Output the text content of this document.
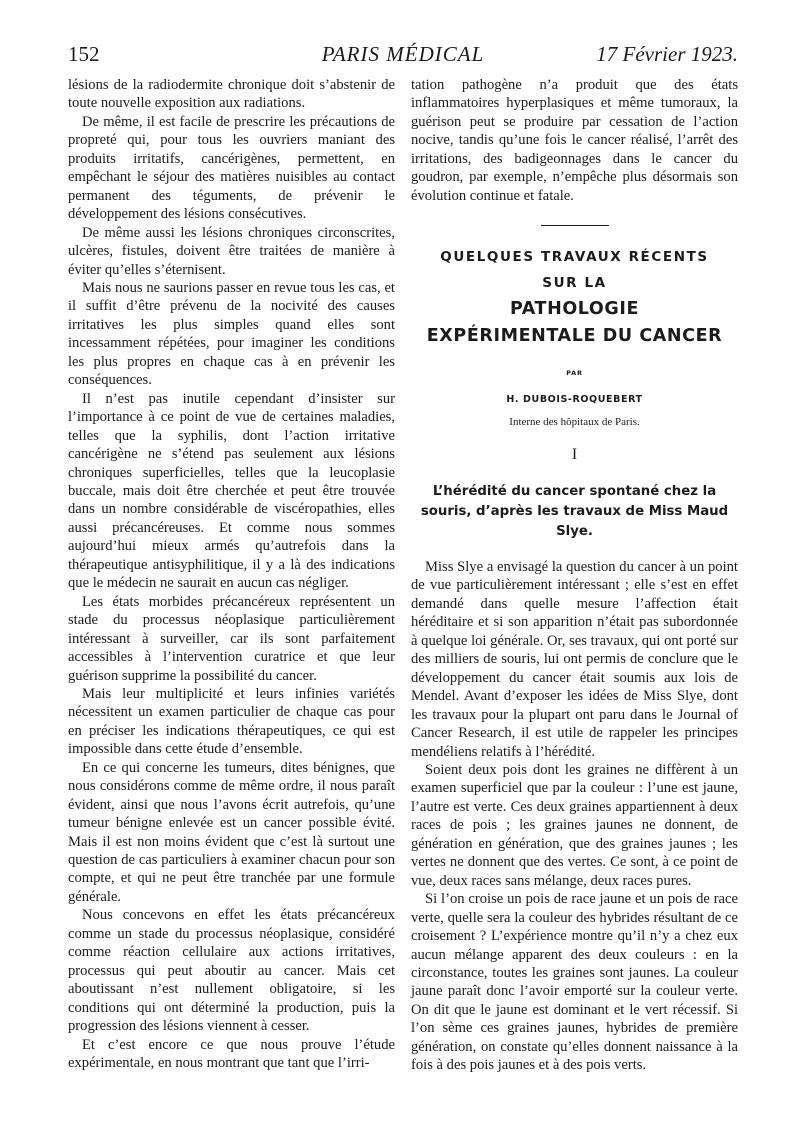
152	PARIS MÉDICAL	17 Février 1923.

lésions de la radiodermite chronique doit s’abstenir de toute nouvelle exposition aux radiations.

De même, il est facile de prescrire les précautions de propreté qui, pour tous les ouvriers maniant des produits irritatifs, cancérigènes, permettent, en empêchant le séjour des matières nuisibles au contact permanent des téguments, de prévenir le développement des lésions consécutives.

De même aussi les lésions chroniques circonscrites, ulcères, fistules, doivent être traitées de manière à éviter qu’elles s’éternisent.

Mais nous ne saurions passer en revue tous les cas, et il suffit d’être prévenu de la nocivité des causes irritatives les plus simples quand elles sont incessamment répétées, pour imaginer les conditions les plus propres en chaque cas à en prévenir les conséquences.

Il n’est pas inutile cependant d’insister sur l’importance à ce point de vue de certaines maladies, telles que la syphilis, dont l’action irritative cancérigène ne s’étend pas seulement aux lésions chroniques superficielles, telles que la leucoplasie buccale, mais doit être cherchée et peut être trouvée dans un nombre considérable de viscéropathies, elles aussi précancéreuses. Et comme nous sommes aujourd’hui mieux armés qu’autrefois dans la thérapeutique antisyphilitique, il y a là des indications que le médecin ne saurait en aucun cas négliger.

Les états morbides précancéreux représentent un stade du processus néoplasique particulièrement intéressant à surveiller, car ils sont parfaitement accessibles à l’intervention curatrice et que leur guérison supprime la possibilité du cancer.

Mais leur multiplicité et leurs infinies variétés nécessitent un examen particulier de chaque cas pour en préciser les indications thérapeutiques, ce qui est impossible dans cette étude d’ensemble.

En ce qui concerne les tumeurs, dites bénignes, que nous considérons comme de même ordre, il nous paraît évident, ainsi que nous l’avons écrit autrefois, qu’une tumeur bénigne enlevée est un cancer possible évité. Mais il est non moins évident que c’est là surtout une question de cas particuliers à examiner chacun pour son compte, et qui ne peut être tranchée par une formule générale.

Nous concevons en effet les états précancéreux comme un stade du processus néoplasique, considéré comme réaction cellulaire aux actions irritatives, processus qui peut aboutir au cancer. Mais cet aboutissant n’est nullement obligatoire, si les conditions qui ont déterminé la production, puis la progression des lésions viennent à cesser.

Et c’est encore ce que nous prouve l’étude expérimentale, en nous montrant que tant que l’irri-

tation pathogène n’a produit que des états inflammatoires hyperplasiques et même tumoraux, la guérison peut se produire par cessation de l’action nocive, tandis qu’une fois le cancer réalisé, l’arrêt des irritations, des badigeonnages dans le cancer du goudron, par exemple, n’empêche plus désormais son évolution continue et fatale.

QUELQUES TRAVAUX RÉCENTS
SUR LA
PATHOLOGIE
EXPÉRIMENTALE DU CANCER
PAR
H. DUBOIS-ROQUEBERT
Interne des hôpitaux de Paris.
I
L’hérédité du cancer spontané chez la souris, d’après les travaux de Miss Maud Slye.

Miss Slye a envisagé la question du cancer à un point de vue particulièrement intéressant ; elle s’est en effet demandé dans quelle mesure l’affection était héréditaire et si son apparition n’était pas subordonnée à quelque loi générale. Or, ses travaux, qui ont porté sur des milliers de souris, lui ont permis de conclure que le développement du cancer était soumis aux lois de Mendel. Avant d’exposer les idées de Miss Slye, dont les travaux pour la plupart ont paru dans le Journal of Cancer Research, il est utile de rappeler les principes mendéliens relatifs à l’hérédité.

Soient deux pois dont les graines ne diffèrent à un examen superficiel que par la couleur : l’une est jaune, l’autre est verte. Ces deux graines appartiennent à deux races de pois ; les graines jaunes ne donnent, de génération en génération, que des graines jaunes ; les vertes ne donnent que des vertes. Ce sont, à ce point de vue, deux races sans mélange, deux races pures.

Si l’on croise un pois de race jaune et un pois de race verte, quelle sera la couleur des hybrides résultant de ce croisement ? L’expérience montre qu’il n’y a chez eux aucun mélange apparent des deux couleurs : en la circonstance, toutes les graines sont jaunes. La couleur jaune paraît donc l’avoir emporté sur la couleur verte. On dit que le jaune est dominant et le vert récessif. Si l’on sème ces graines jaunes, hybrides de première génération, on constate qu’elles donnent naissance à la fois à des pois jaunes et à des pois verts.
